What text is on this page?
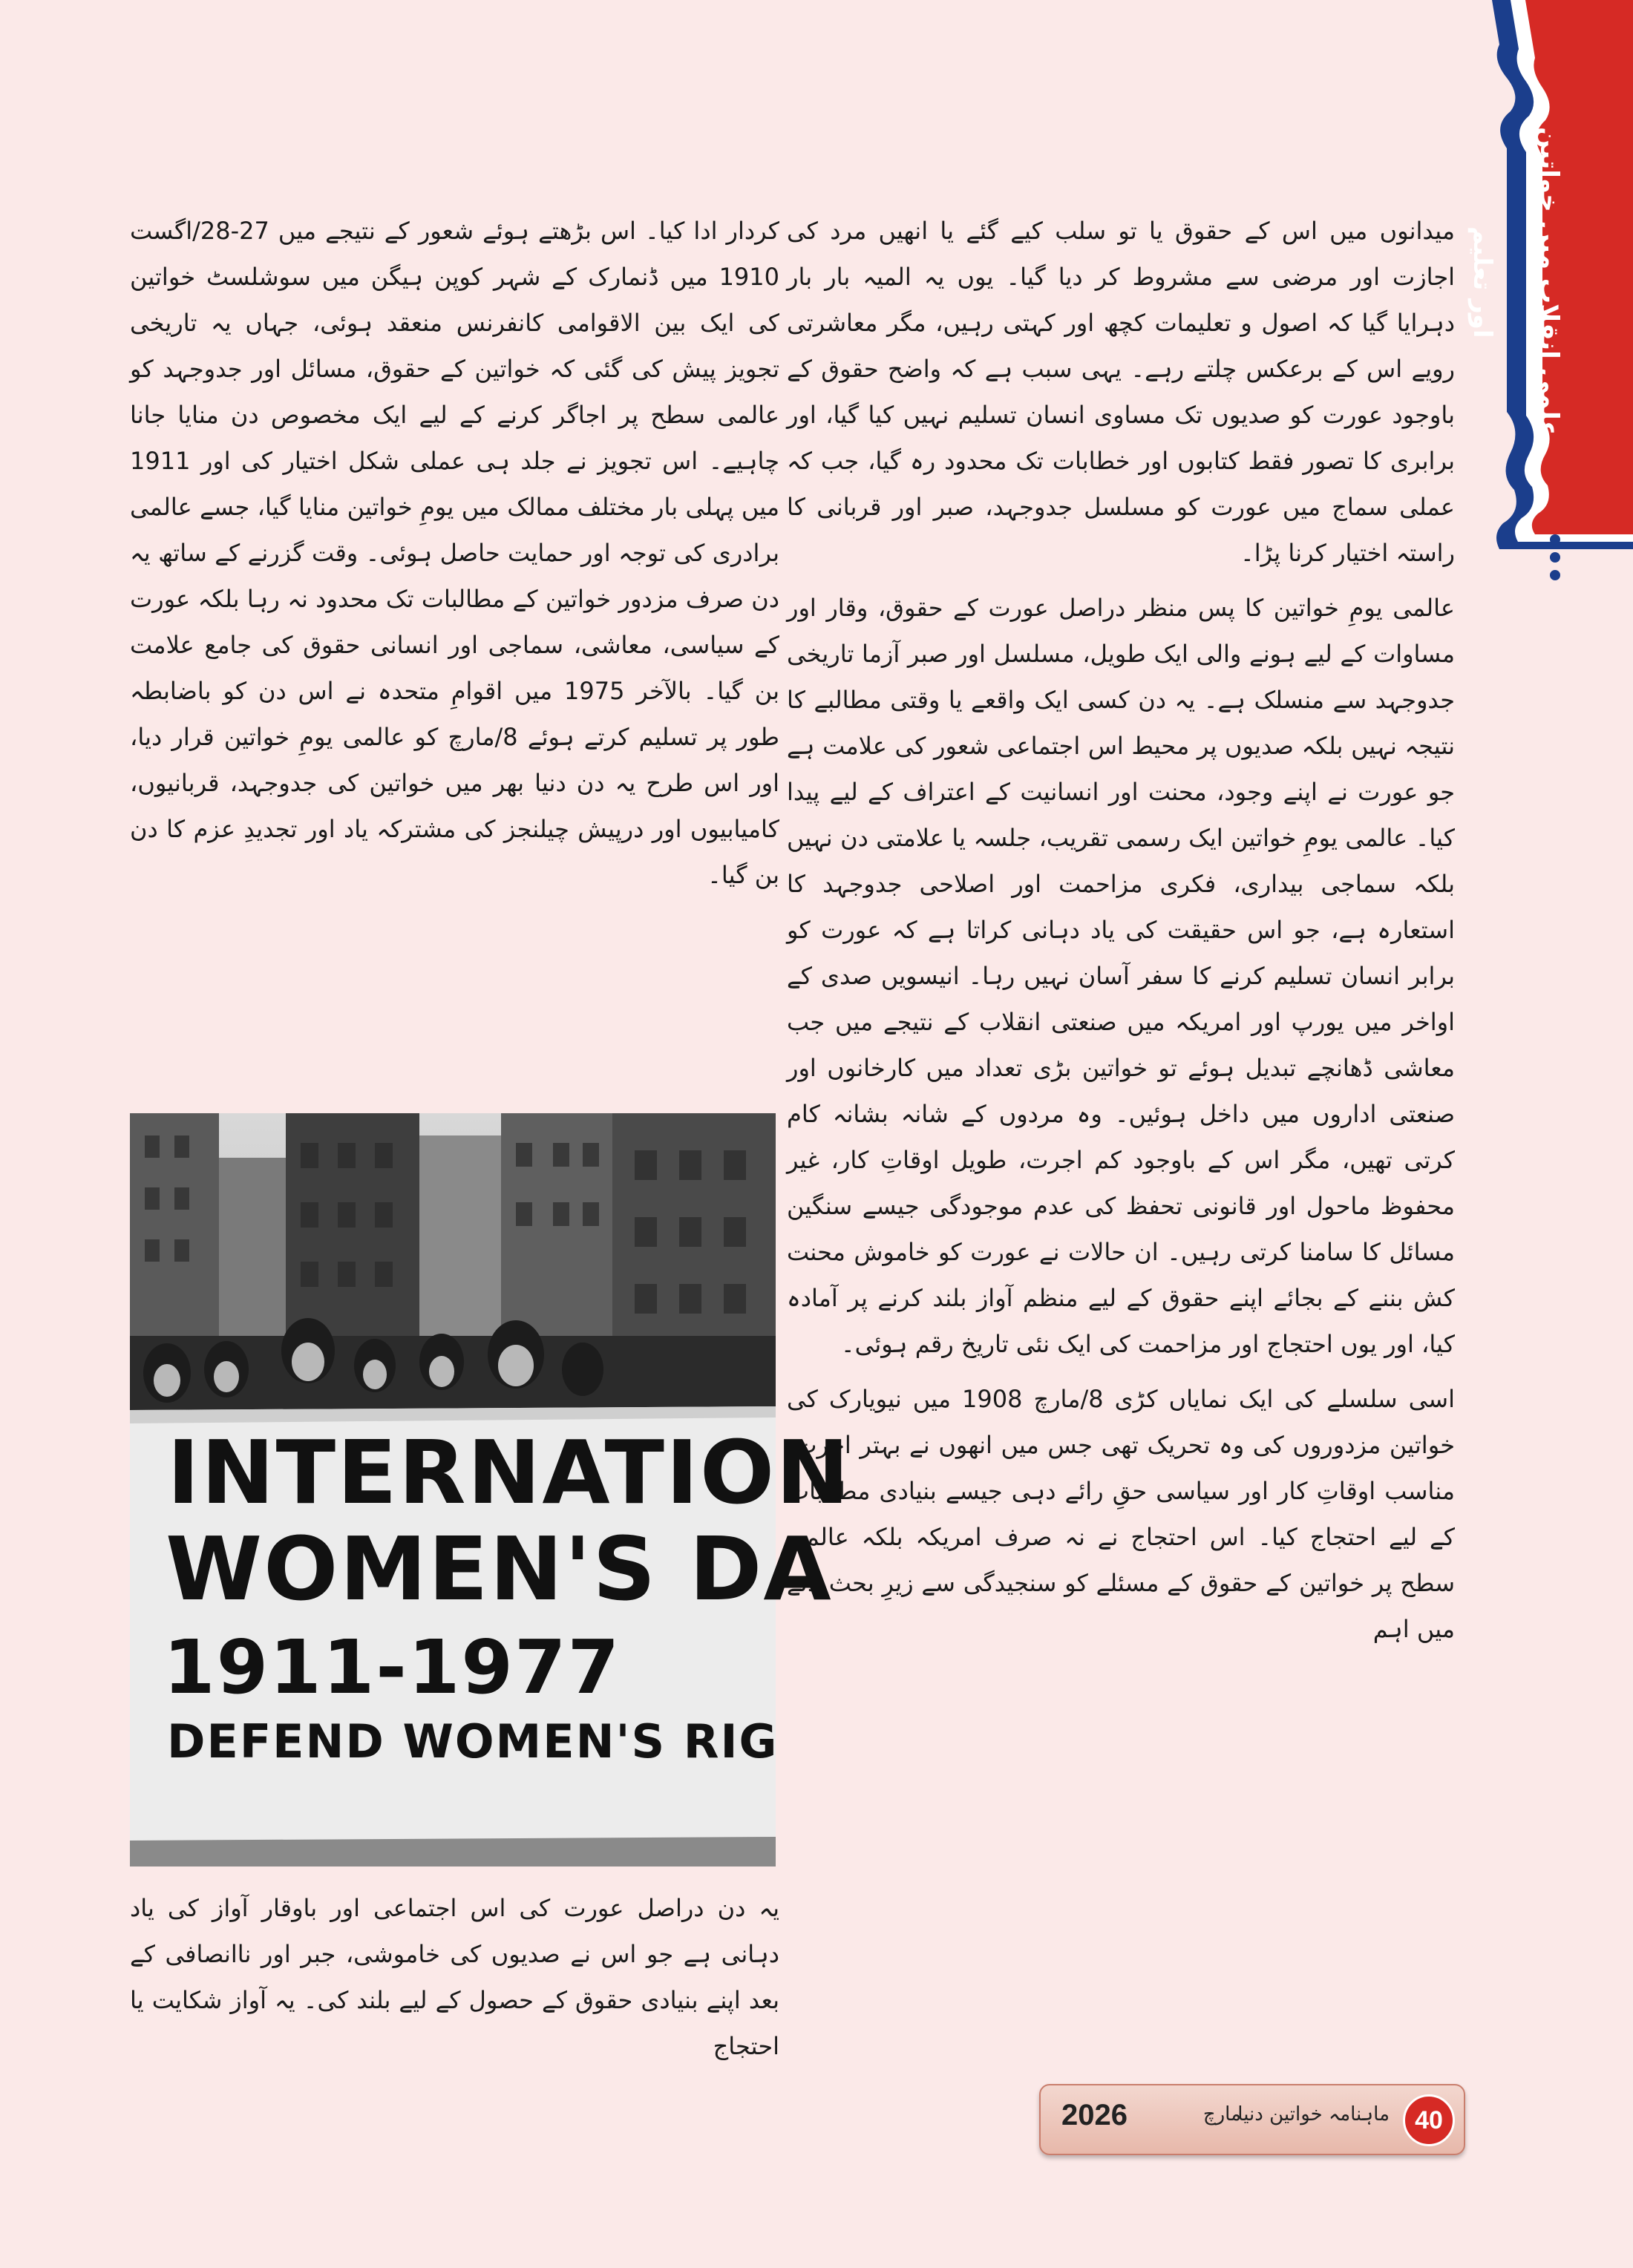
علمی انقلاب میں خواتین اور تعلیم

میدانوں میں اس کے حقوق یا تو سلب کیے گئے یا انھیں مرد کی اجازت اور مرضی سے مشروط کر دیا گیا۔ یوں یہ المیہ بار بار دہرایا گیا کہ اصول و تعلیمات کچھ اور کہتی رہیں، مگر معاشرتی رویے اس کے برعکس چلتے رہے۔ یہی سبب ہے کہ واضح حقوق کے باوجود عورت کو صدیوں تک مساوی انسان تسلیم نہیں کیا گیا، اور برابری کا تصور فقط کتابوں اور خطابات تک محدود رہ گیا، جب کہ عملی سماج میں عورت کو مسلسل جدوجہد، صبر اور قربانی کا راستہ اختیار کرنا پڑا۔

عالمی یومِ خواتین کا پس منظر دراصل عورت کے حقوق، وقار اور مساوات کے لیے ہونے والی ایک طویل، مسلسل اور صبر آزما تاریخی جدوجہد سے منسلک ہے۔ یہ دن کسی ایک واقعے یا وقتی مطالبے کا نتیجہ نہیں بلکہ صدیوں پر محیط اس اجتماعی شعور کی علامت ہے جو عورت نے اپنے وجود، محنت اور انسانیت کے اعتراف کے لیے پیدا کیا۔ عالمی یومِ خواتین ایک رسمی تقریب، جلسہ یا علامتی دن نہیں بلکہ سماجی بیداری، فکری مزاحمت اور اصلاحی جدوجہد کا استعارہ ہے، جو اس حقیقت کی یاد دہانی کراتا ہے کہ عورت کو برابر انسان تسلیم کرنے کا سفر آسان نہیں رہا۔ انیسویں صدی کے اواخر میں یورپ اور امریکہ میں صنعتی انقلاب کے نتیجے میں جب معاشی ڈھانچے تبدیل ہوئے تو خواتین بڑی تعداد میں کارخانوں اور صنعتی اداروں میں داخل ہوئیں۔ وہ مردوں کے شانہ بشانہ کام کرتی تھیں، مگر اس کے باوجود کم اجرت، طویل اوقاتِ کار، غیر محفوظ ماحول اور قانونی تحفظ کی عدم موجودگی جیسے سنگین مسائل کا سامنا کرتی رہیں۔ ان حالات نے عورت کو خاموش محنت کش بننے کے بجائے اپنے حقوق کے لیے منظم آواز بلند کرنے پر آمادہ کیا، اور یوں احتجاج اور مزاحمت کی ایک نئی تاریخ رقم ہوئی۔

اسی سلسلے کی ایک نمایاں کڑی 8/مارچ 1908 میں نیویارک کی خواتین مزدوروں کی وہ تحریک تھی جس میں انھوں نے بہتر اجرت، مناسب اوقاتِ کار اور سیاسی حقِ رائے دہی جیسے بنیادی مطالبات کے لیے احتجاج کیا۔ اس احتجاج نے نہ صرف امریکہ بلکہ عالمی سطح پر خواتین کے حقوق کے مسئلے کو سنجیدگی سے زیرِ بحث لانے میں اہم

کردار ادا کیا۔ اس بڑھتے ہوئے شعور کے نتیجے میں 27-28/اگست 1910 میں ڈنمارک کے شہر کوپن ہیگن میں سوشلسٹ خواتین کی ایک بین الاقوامی کانفرنس منعقد ہوئی، جہاں یہ تاریخی تجویز پیش کی گئی کہ خواتین کے حقوق، مسائل اور جدوجہد کو عالمی سطح پر اجاگر کرنے کے لیے ایک مخصوص دن منایا جانا چاہیے۔ اس تجویز نے جلد ہی عملی شکل اختیار کی اور 1911 میں پہلی بار مختلف ممالک میں یومِ خواتین منایا گیا، جسے عالمی برادری کی توجہ اور حمایت حاصل ہوئی۔ وقت گزرنے کے ساتھ یہ دن صرف مزدور خواتین کے مطالبات تک محدود نہ رہا بلکہ عورت کے سیاسی، معاشی، سماجی اور انسانی حقوق کی جامع علامت بن گیا۔ بالآخر 1975 میں اقوامِ متحدہ نے اس دن کو باضابطہ طور پر تسلیم کرتے ہوئے 8/مارچ کو عالمی یومِ خواتین قرار دیا، اور اس طرح یہ دن دنیا بھر میں خواتین کی جدوجہد، قربانیوں، کامیابیوں اور درپیش چیلنجز کی مشترکہ یاد اور تجدیدِ عزم کا دن بن گیا۔

INTERNATION
WOMEN'S DA
1911-1977
DEFEND WOMEN'S RIG

یہ دن دراصل عورت کی اس اجتماعی اور باوقار آواز کی یاد دہانی ہے جو اس نے صدیوں کی خاموشی، جبر اور ناانصافی کے بعد اپنے بنیادی حقوق کے حصول کے لیے بلند کی۔ یہ آواز شکایت یا احتجاج

40
ماہنامہ خواتین دنیا
مارچ
2026
